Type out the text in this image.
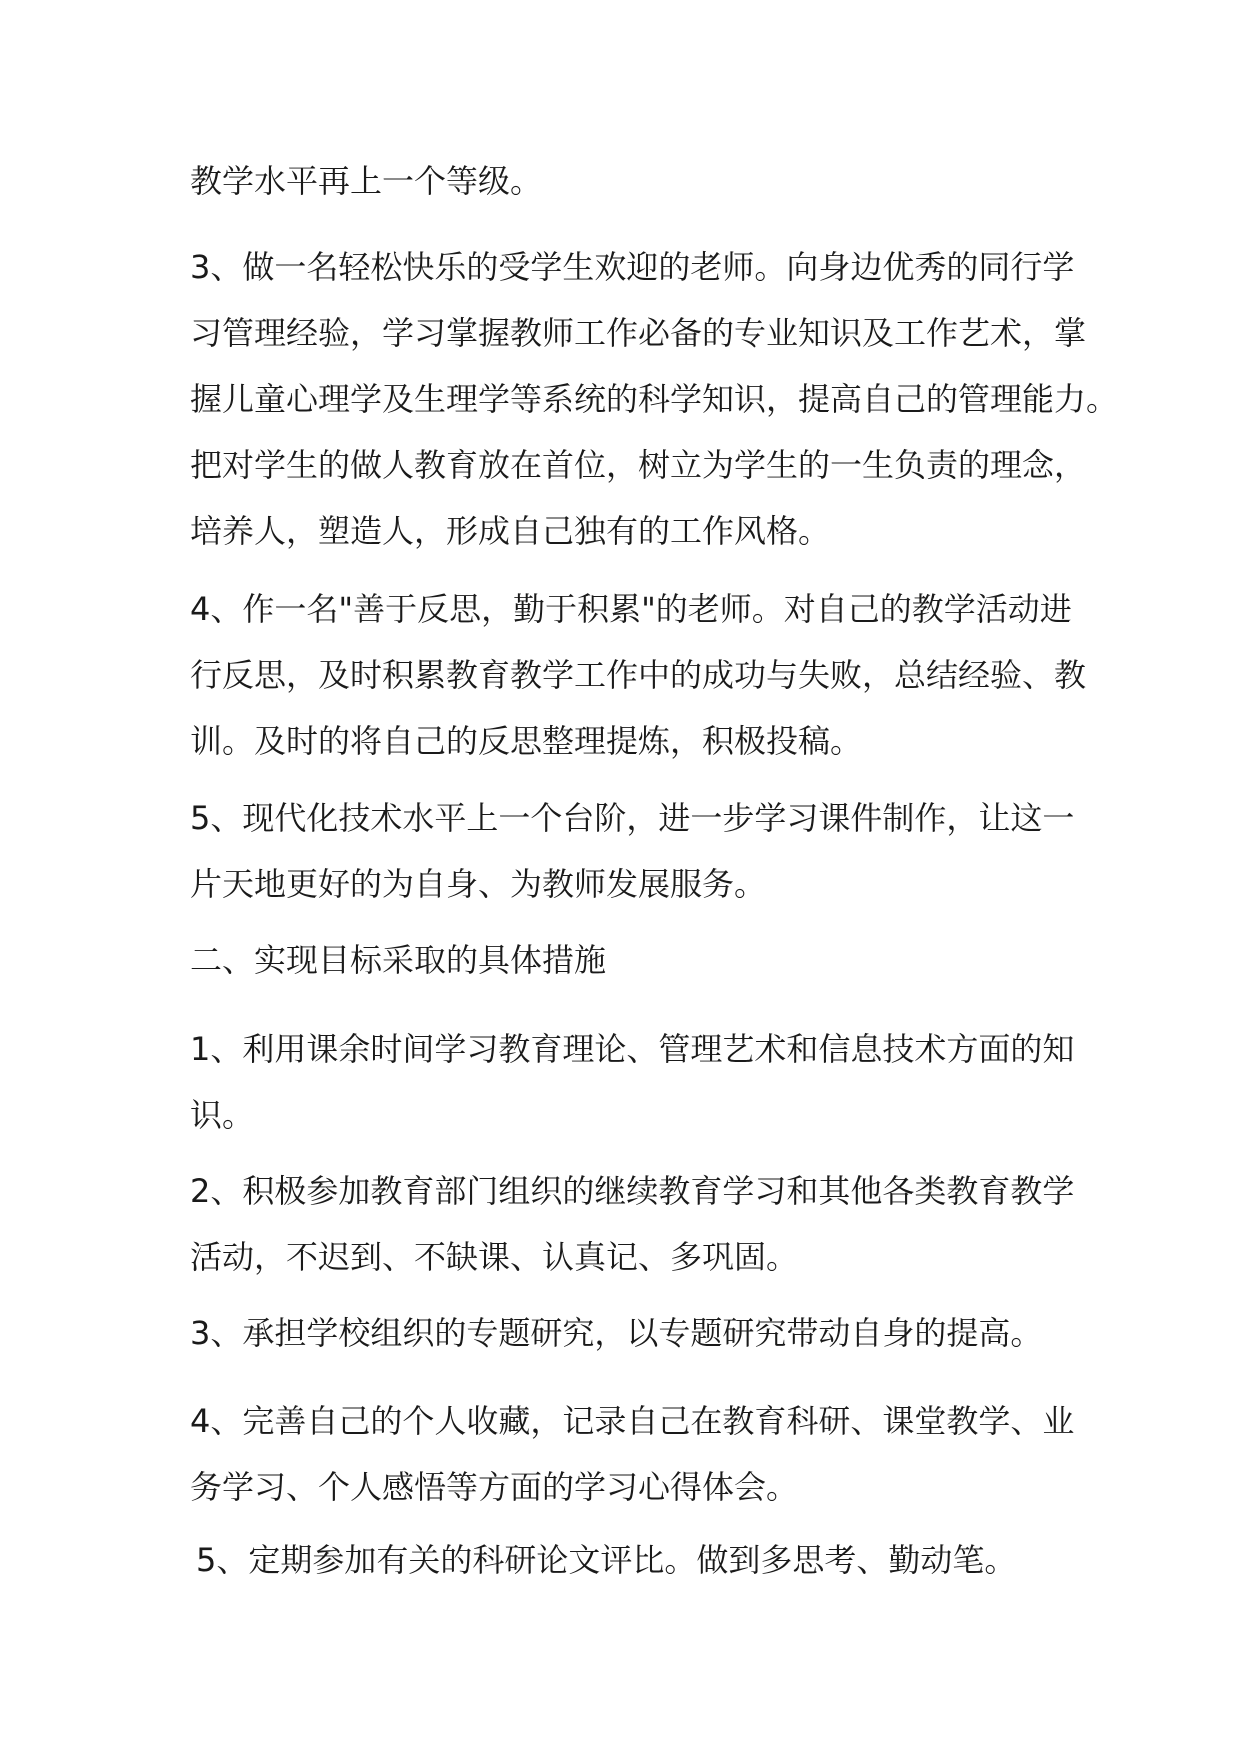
教学水平再上一个等级。

3、做一名轻松快乐的受学生欢迎的老师。向身边优秀的同行学
习管理经验，学习掌握教师工作必备的专业知识及工作艺术，掌
握儿童心理学及生理学等系统的科学知识，提高自己的管理能力。
把对学生的做人教育放在首位，树立为学生的一生负责的理念，
培养人，塑造人，形成自己独有的工作风格。

4、作一名"善于反思，勤于积累"的老师。对自己的教学活动进
行反思，及时积累教育教学工作中的成功与失败，总结经验、教
训。及时的将自己的反思整理提炼，积极投稿。

5、现代化技术水平上一个台阶，进一步学习课件制作，让这一
片天地更好的为自身、为教师发展服务。

二、实现目标采取的具体措施

1、利用课余时间学习教育理论、管理艺术和信息技术方面的知
识。

2、积极参加教育部门组织的继续教育学习和其他各类教育教学
活动，不迟到、不缺课、认真记、多巩固。

3、承担学校组织的专题研究，以专题研究带动自身的提高。

4、完善自己的个人收藏，记录自己在教育科研、课堂教学、业
务学习、个人感悟等方面的学习心得体会。

5、定期参加有关的科研论文评比。做到多思考、勤动笔。
